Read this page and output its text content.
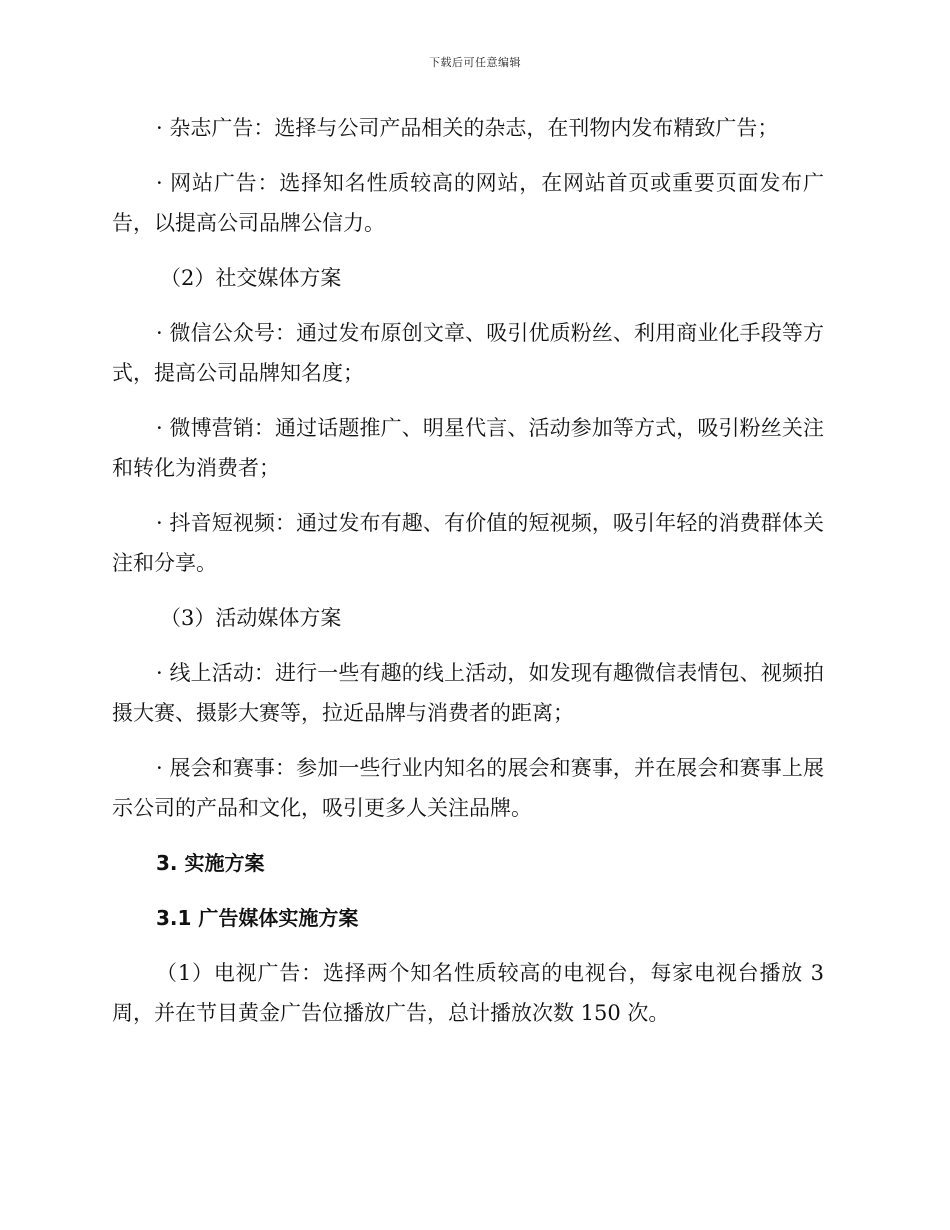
下载后可任意编辑

· 杂志广告：选择与公司产品相关的杂志，在刊物内发布精致广告；

· 网站广告：选择知名性质较高的网站，在网站首页或重要页面发布广告，以提高公司品牌公信力。

（2）社交媒体方案

· 微信公众号：通过发布原创文章、吸引优质粉丝、利用商业化手段等方式，提高公司品牌知名度；

· 微博营销：通过话题推广、明星代言、活动参加等方式，吸引粉丝关注和转化为消费者；

· 抖音短视频：通过发布有趣、有价值的短视频，吸引年轻的消费群体关注和分享。

（3）活动媒体方案

· 线上活动：进行一些有趣的线上活动，如发现有趣微信表情包、视频拍摄大赛、摄影大赛等，拉近品牌与消费者的距离；

· 展会和赛事：参加一些行业内知名的展会和赛事，并在展会和赛事上展示公司的产品和文化，吸引更多人关注品牌。

3. 实施方案

3.1 广告媒体实施方案

（1）电视广告：选择两个知名性质较高的电视台，每家电视台播放 3 周，并在节目黄金广告位播放广告，总计播放次数 150 次。
